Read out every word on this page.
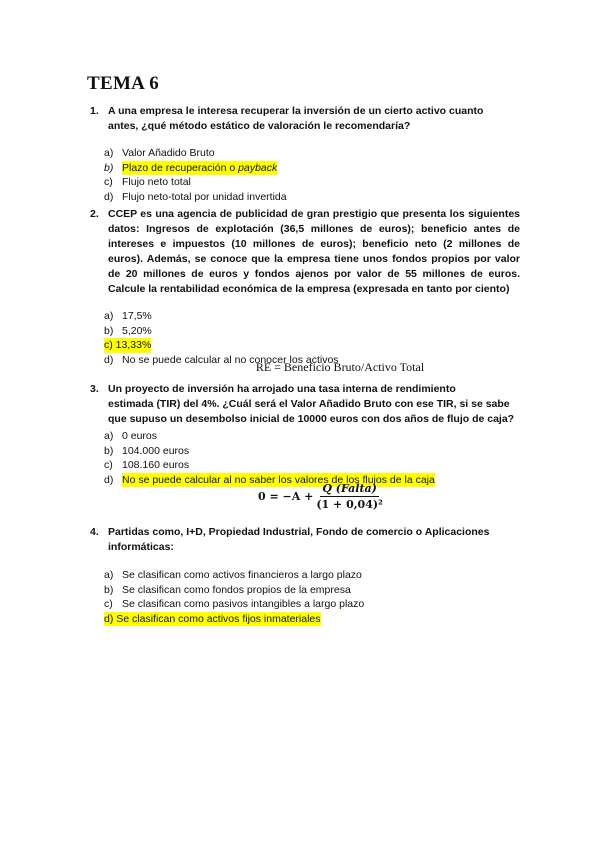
TEMA 6
1. A una empresa le interesa recuperar la inversión de un cierto activo cuanto
antes, ¿qué método estático de valoración le recomendaría?
a) Valor Añadido Bruto
b) Plazo de recuperación o payback
c) Flujo neto total
d) Flujo neto-total por unidad invertida
2. CCEP es una agencia de publicidad de gran prestigio que presenta los siguientes datos: Ingresos de explotación (36,5 millones de euros); beneficio antes de intereses e impuestos (10 millones de euros); beneficio neto (2 millones de euros). Además, se conoce que la empresa tiene unos fondos propios por valor de 20 millones de euros y fondos ajenos por valor de 55 millones de euros. Calcule la rentabilidad económica de la empresa (expresada en tanto por ciento)
a) 17,5%
b) 5,20%
c) 13,33%
d) No se puede calcular al no conocer los activos
RE = Beneficio Bruto/Activo Total
3. Un proyecto de inversión ha arrojado una tasa interna de rendimiento
estimada (TIR) del 4%. ¿Cuál será el Valor Añadido Bruto con ese TIR, si se sabe
que supuso un desembolso inicial de 10000 euros con dos años de flujo de caja?
a) 0 euros
b) 104.000 euros
c) 108.160 euros
d) No se puede calcular al no saber los valores de los flujos de la caja
$0 = -A + \frac{\text{Q (Falta)}}{\text{(1 + 0,04)²}}$
4. Partidas como, I+D, Propiedad Industrial, Fondo de comercio o Aplicaciones
informáticas:
a) Se clasifican como activos financieros a largo plazo
b) Se clasifican como fondos propios de la empresa
c) Se clasifican como pasivos intangibles a largo plazo
d) Se clasifican como activos fijos inmateriales
